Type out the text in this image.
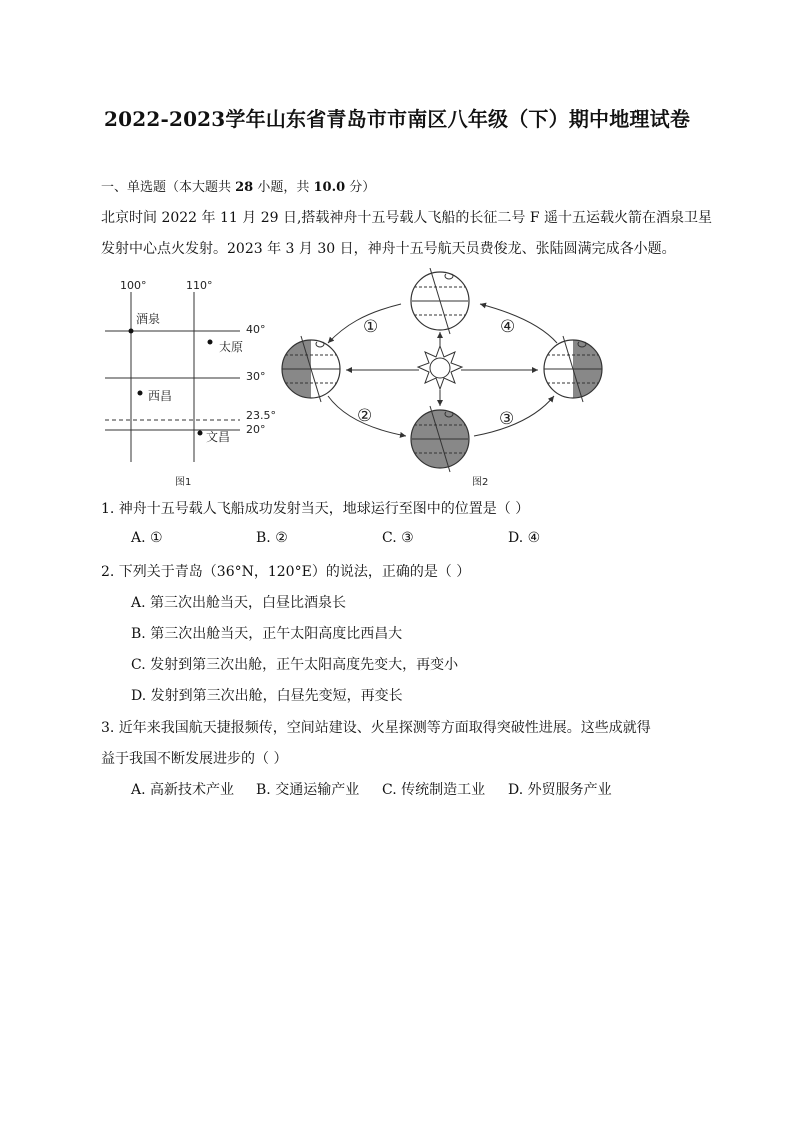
2022-2023学年山东省青岛市市南区八年级（下）期中地理试卷
一、单选题（本大题共 28 小题，共 10.0 分）

北京时间 2022 年 11 月 29 日,搭载神舟十五号载人飞船的长征二号 F 遥十五运载火箭在酒泉卫星

发射中心点火发射。2023 年 3 月 30 日，神舟十五号航天员费俊龙、张陆圆满完成各小题。

100°	110°
40°
30°
23.5°
20°
酒泉
太原
西昌
文昌
图1
①
②	③
④
图2
1. 神舟十五号载人飞船成功发射当天，地球运行至图中的位置是（ ）
A. ①	B. ②	C. ③	D. ④
2. 下列关于青岛（36°N，120°E）的说法，正确的是（ ）
A. 第三次出舱当天，白昼比酒泉长
B. 第三次出舱当天，正午太阳高度比西昌大
C. 发射到第三次出舱，正午太阳高度先变大，再变小
D. 发射到第三次出舱，白昼先变短，再变长
3. 近年来我国航天捷报频传，空间站建设、火星探测等方面取得突破性进展。这些成就得
益于我国不断发展进步的（ ）
A. 高新技术产业 B. 交通运输产业 C. 传统制造工业 D. 外贸服务产业
